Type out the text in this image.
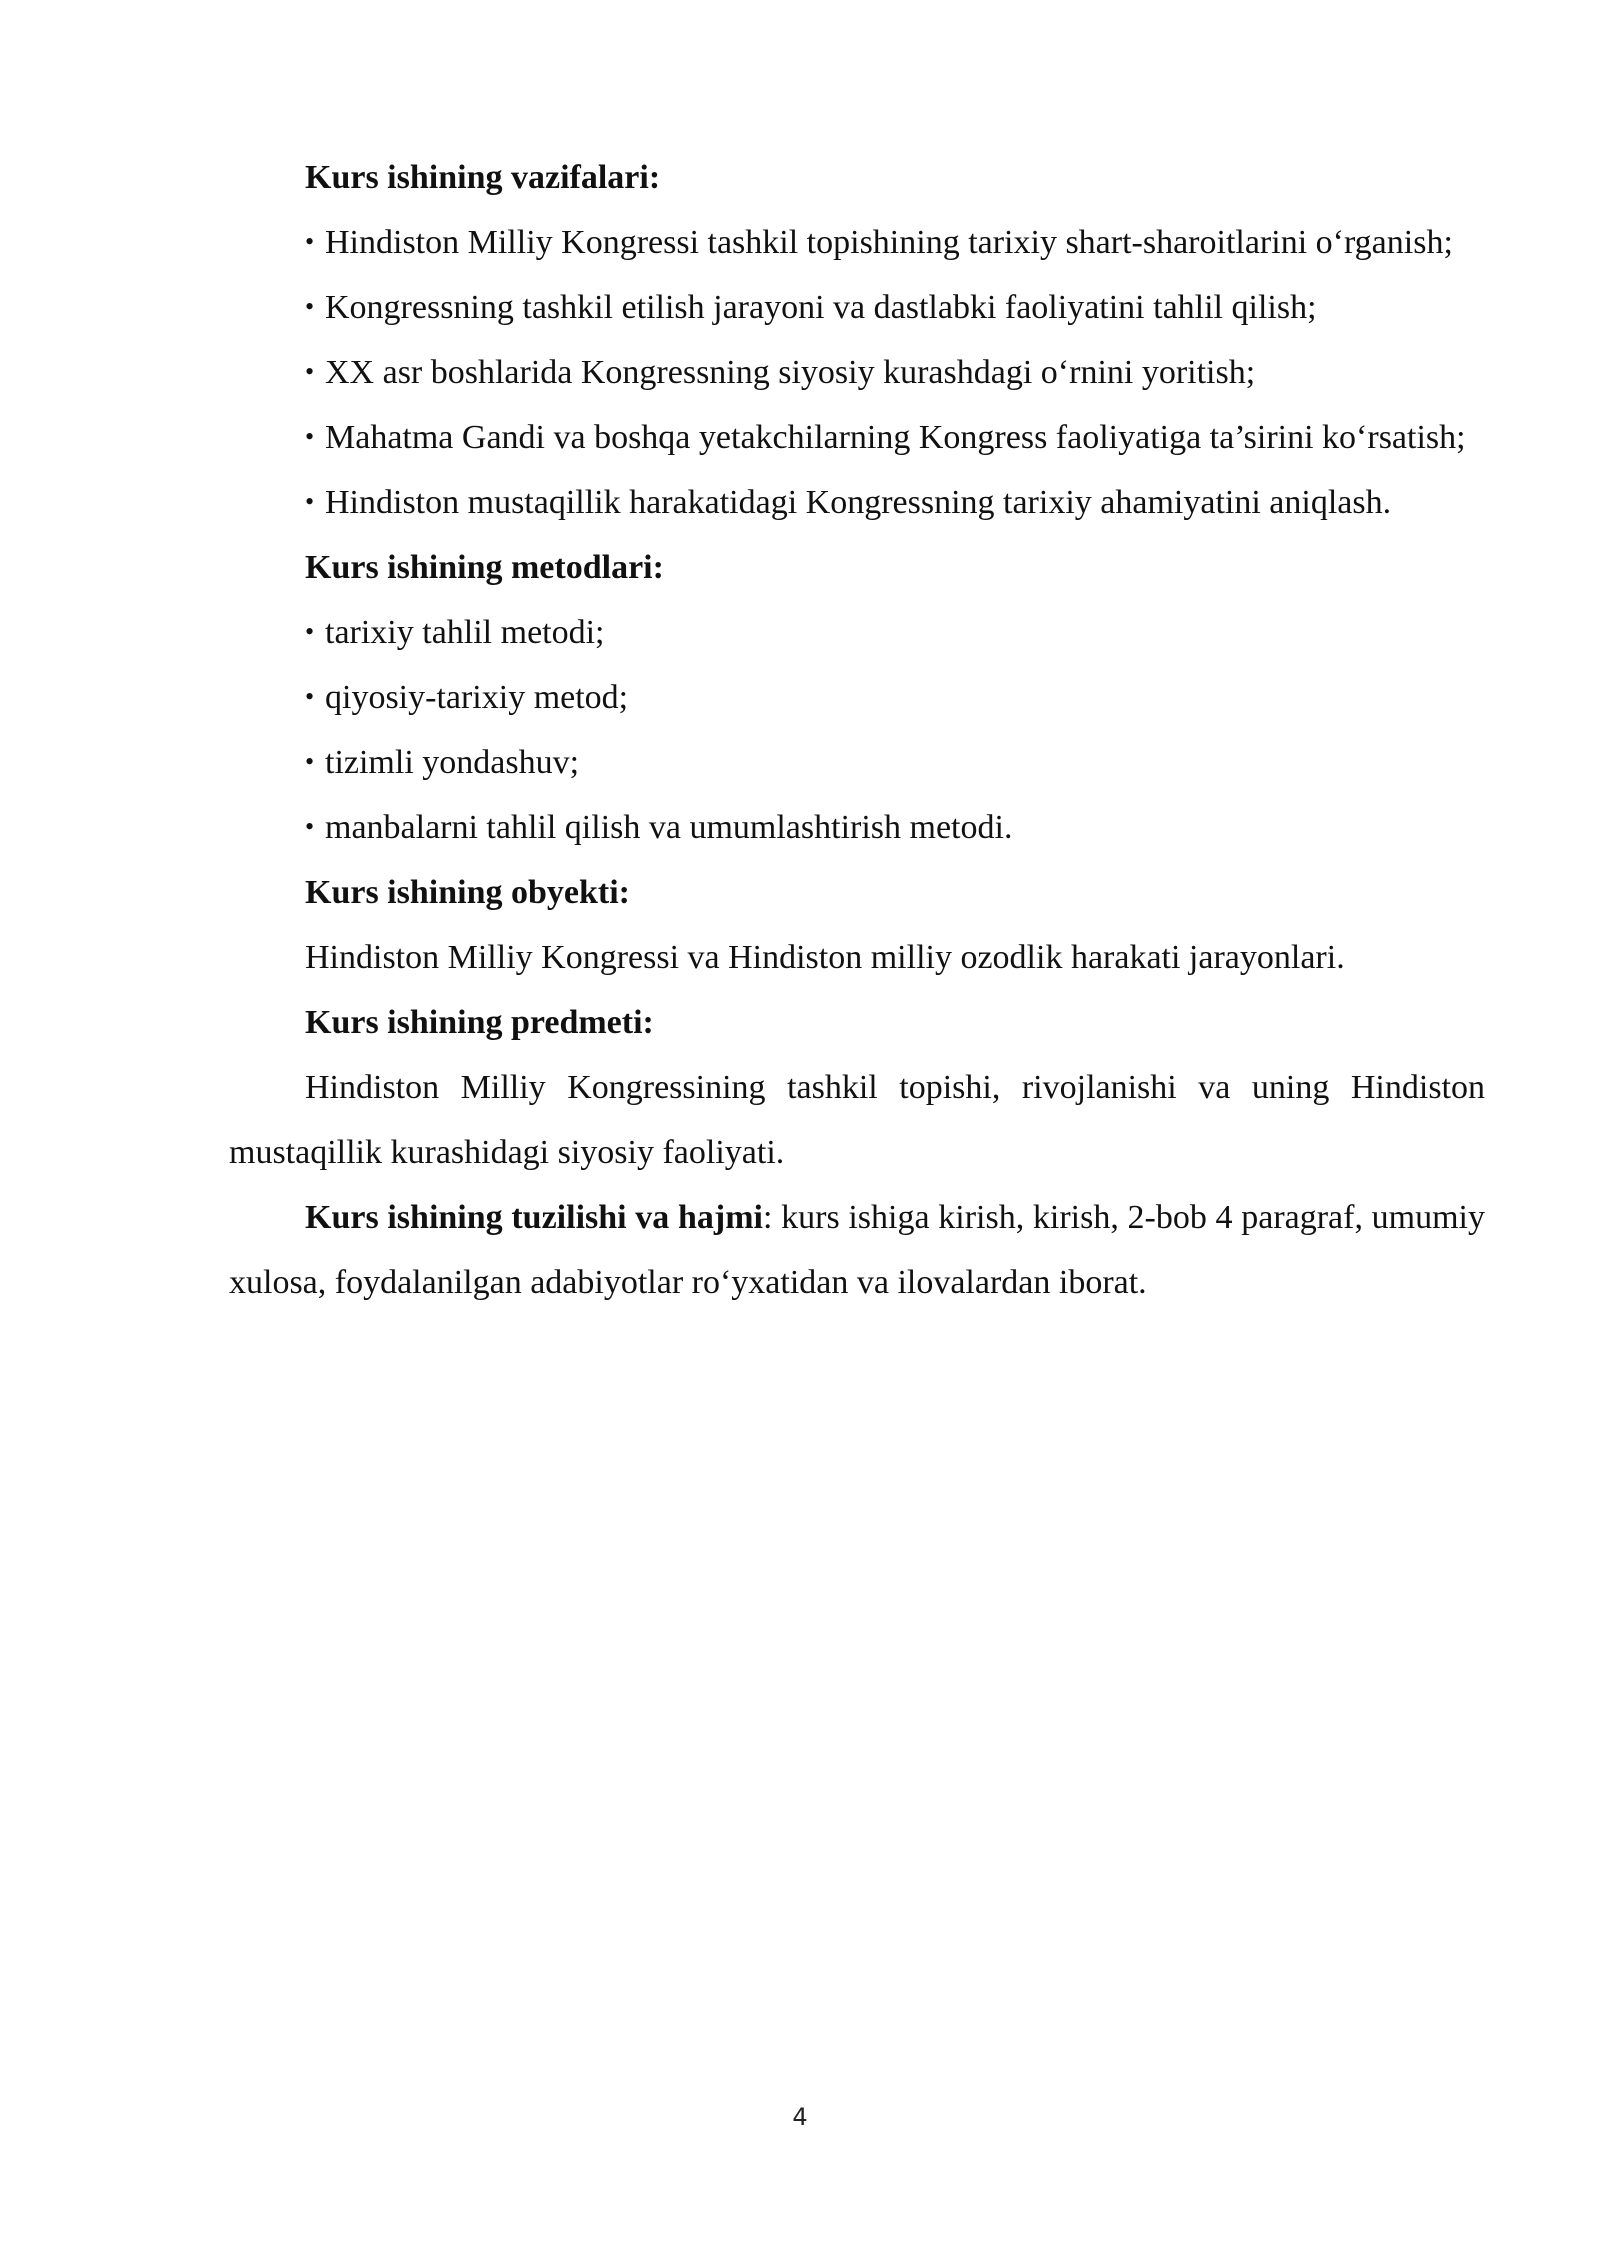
Kurs ishining vazifalari:

• Hindiston Milliy Kongressi tashkil topishining tarixiy shart-sharoitlarini o‘rganish;

• Kongressning tashkil etilish jarayoni va dastlabki faoliyatini tahlil qilish;

• XX asr boshlarida Kongressning siyosiy kurashdagi o‘rnini yoritish;

• Mahatma Gandi va boshqa yetakchilarning Kongress faoliyatiga ta’sirini ko‘rsatish;

• Hindiston mustaqillik harakatidagi Kongressning tarixiy ahamiyatini aniqlash.

Kurs ishining metodlari:

• tarixiy tahlil metodi;

• qiyosiy-tarixiy metod;

• tizimli yondashuv;

• manbalarni tahlil qilish va umumlashtirish metodi.

Kurs ishining obyekti:

Hindiston Milliy Kongressi va Hindiston milliy ozodlik harakati jarayonlari.

Kurs ishining predmeti:

Hindiston Milliy Kongressining tashkil topishi, rivojlanishi va uning Hindiston mustaqillik kurashidagi siyosiy faoliyati.

Kurs ishining tuzilishi va hajmi: kurs ishiga kirish, kirish, 2-bob 4 paragraf, umumiy xulosa, foydalanilgan adabiyotlar ro‘yxatidan va ilovalardan iborat.

4
